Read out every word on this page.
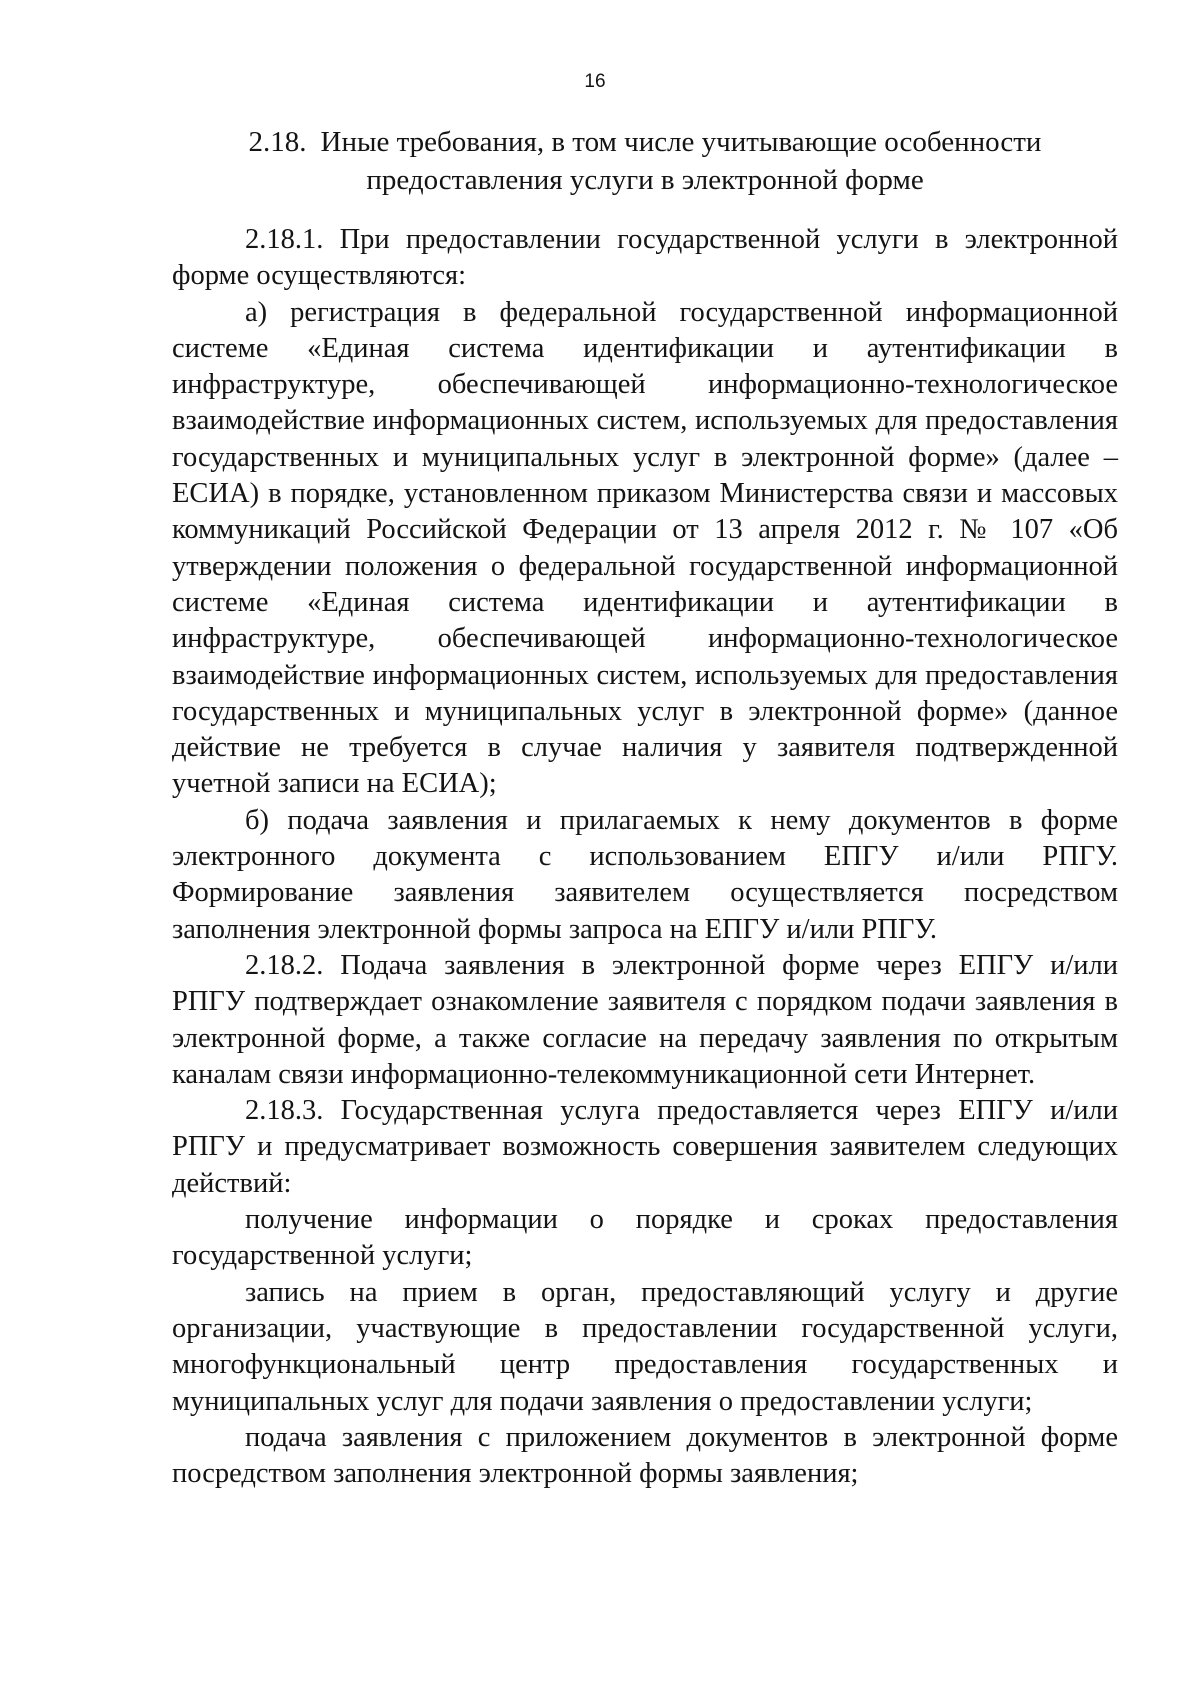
16
2.18. Иные требования, в том числе учитывающие особенности
предоставления услуги в электронной форме

2.18.1. При предоставлении государственной услуги в электронной форме осуществляются:

а) регистрация в федеральной государственной информационной системе «Единая система идентификации и аутентификации в инфраструктуре, обеспечивающей информационно-технологическое взаимодействие информационных систем, используемых для предоставления государственных и муниципальных услуг в электронной форме» (далее – ЕСИА) в порядке, установленном приказом Министерства связи и массовых коммуникаций Российской Федерации от 13 апреля 2012 г. № 107 «Об утверждении положения о федеральной государственной информационной системе «Единая система идентификации и аутентификации в инфраструктуре, обеспечивающей информационно-технологическое взаимодействие информационных систем, используемых для предоставления государственных и муниципальных услуг в электронной форме» (данное действие не требуется в случае наличия у заявителя подтвержденной учетной записи на ЕСИА);

б) подача заявления и прилагаемых к нему документов в форме электронного документа с использованием ЕПГУ и/или РПГУ. Формирование заявления заявителем осуществляется посредством заполнения электронной формы запроса на ЕПГУ и/или РПГУ.

2.18.2. Подача заявления в электронной форме через ЕПГУ и/или РПГУ подтверждает ознакомление заявителя с порядком подачи заявления в электронной форме, а также согласие на передачу заявления по открытым каналам связи информационно-телекоммуникационной сети Интернет.

2.18.3. Государственная услуга предоставляется через ЕПГУ и/или РПГУ и предусматривает возможность совершения заявителем следующих действий:

получение информации о порядке и сроках предоставления государственной услуги;

запись на прием в орган, предоставляющий услугу и другие организации, участвующие в предоставлении государственной услуги, многофункциональный центр предоставления государственных и муниципальных услуг для подачи заявления о предоставлении услуги;

подача заявления с приложением документов в электронной форме посредством заполнения электронной формы заявления;
